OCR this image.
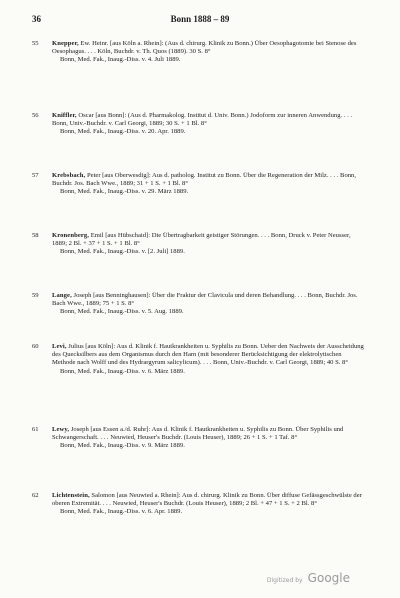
36	Bonn 1888 – 89
55	Knepper, Ew. Heinr. [aus Köln a. Rhein]: (Aus d. chirurg. Klinik zu Bonn.) Über Oesophagotomie bei Stenose des Oesophagus. . . . Köln, Buchdr. v. Th. Quos (1889). 30 S. 8°
Bonn, Med. Fak., Inaug.-Diss. v. 4. Juli 1889.
56	Kniffler, Oscar [aus Bonn]: (Aus d. Pharmakolog. Institut d. Univ. Bonn.) Jodoform zur inneren Anwendung. . . . Bonn, Univ.-Buchdr. v. Carl Georgi, 1889; 30 S. + 1 Bl. 8°
Bonn, Med. Fak., Inaug.-Diss. v. 20. Apr. 1889.
57	Krebsbach, Peter [aus Oberwesdig]: Aus d. patholog. Institut zu Bonn. Über die Regeneration der Milz. . . . Bonn, Buchdr. Jos. Bach Wwe., 1889; 31 + 1 S. + 1 Bl. 8°
Bonn, Med. Fak., Inaug.-Diss. v. 29. März 1889.
58	Kronenberg, Emil [aus Hübschaid]: Die Übertragbarkeit geistiger Störungen. . . . Bonn, Druck v. Peter Neusser, 1889; 2 Bl. + 37 + 1 S. + 1 Bl. 8°
Bonn, Med. Fak., Inaug.-Diss. v. [2. Juli] 1889.
59	Lange, Joseph [aus Benninghausen]: Über die Fraktur der Clavicula und deren Behandlung. . . . Bonn, Buchdr. Jos. Bach Wwe., 1889; 75 + 1 S. 8°
Bonn, Med. Fak., Inaug.-Diss. v. 5. Aug. 1889.
60	Levi, Julius [aus Köln]: Aus d. Klinik f. Hautkrankheiten u. Syphilis zu Bonn. Ueber den Nachweis der Ausscheidung des Quecksilbers aus dem Organismus durch den Harn (mit besonderer Berücksichtigung der elektrolytischen Methode nach Wolff und des Hydrargyrum salicylicum). . . . Bonn, Univ.-Buchdr. v. Carl Georgi, 1889; 40 S. 8°
Bonn, Med. Fak., Inaug.-Diss. v. 6. März 1889.
61	Lewy, Joseph [aus Essen a./d. Ruhr]: Aus d. Klinik f. Hautkrankheiten u. Syphilis zu Bonn. Über Syphilis und Schwangerschaft. . . . Neuwied, Heuser's Buchdr. (Louis Heuser), 1889; 26 + 1 S. + 1 Taf. 8°
Bonn, Med. Fak., Inaug.-Diss. v. 9. März 1889.
62	Lichtenstein, Salomon [aus Neuwied a. Rhein]: Aus d. chirurg. Klinik zu Bonn. Über diffuse Gefässgeschwülste der oberen Extremität. . . . Neuwied, Heuser's Buchdr. (Louis Heuser), 1889; 2 Bl. + 47 + 1 S. + 2 Bl. 8°
Bonn, Med. Fak., Inaug.-Diss. v. 6. Apr. 1889.
Digitized by Google
